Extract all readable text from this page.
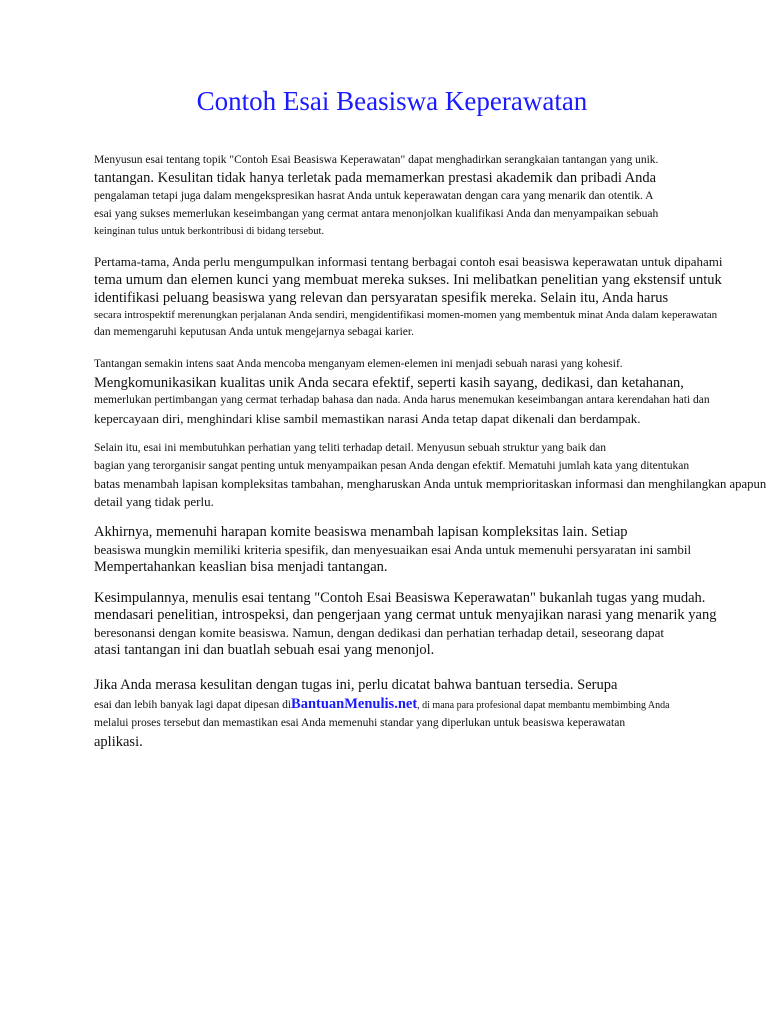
Contoh Esai Beasiswa Keperawatan
Menyusun esai tentang topik "Contoh Esai Beasiswa Keperawatan" dapat menghadirkan serangkaian tantangan yang unik.
tantangan. Kesulitan tidak hanya terletak pada memamerkan prestasi akademik dan pribadi Anda
pengalaman tetapi juga dalam mengekspresikan hasrat Anda untuk keperawatan dengan cara yang menarik dan otentik. A
esai yang sukses memerlukan keseimbangan yang cermat antara menonjolkan kualifikasi Anda dan menyampaikan sebuah
keinginan tulus untuk berkontribusi di bidang tersebut.
Pertama-tama, Anda perlu mengumpulkan informasi tentang berbagai contoh esai beasiswa keperawatan untuk dipahami
tema umum dan elemen kunci yang membuat mereka sukses. Ini melibatkan penelitian yang ekstensif untuk
identifikasi peluang beasiswa yang relevan dan persyaratan spesifik mereka. Selain itu, Anda harus
secara introspektif merenungkan perjalanan Anda sendiri, mengidentifikasi momen-momen yang membentuk minat Anda dalam keperawatan
dan memengaruhi keputusan Anda untuk mengejarnya sebagai karier.
Tantangan semakin intens saat Anda mencoba menganyam elemen-elemen ini menjadi sebuah narasi yang kohesif.
Mengkomunikasikan kualitas unik Anda secara efektif, seperti kasih sayang, dedikasi, dan ketahanan,
memerlukan pertimbangan yang cermat terhadap bahasa dan nada. Anda harus menemukan keseimbangan antara kerendahan hati dan
kepercayaan diri, menghindari klise sambil memastikan narasi Anda tetap dapat dikenali dan berdampak.
Selain itu, esai ini membutuhkan perhatian yang teliti terhadap detail. Menyusun sebuah struktur yang baik dan
bagian yang terorganisir sangat penting untuk menyampaikan pesan Anda dengan efektif. Mematuhi jumlah kata yang ditentukan
batas menambah lapisan kompleksitas tambahan, mengharuskan Anda untuk memprioritaskan informasi dan menghilangkan apapun
detail yang tidak perlu.
Akhirnya, memenuhi harapan komite beasiswa menambah lapisan kompleksitas lain. Setiap
beasiswa mungkin memiliki kriteria spesifik, dan menyesuaikan esai Anda untuk memenuhi persyaratan ini sambil
Mempertahankan keaslian bisa menjadi tantangan.
Kesimpulannya, menulis esai tentang "Contoh Esai Beasiswa Keperawatan" bukanlah tugas yang mudah.
mendasari penelitian, introspeksi, dan pengerjaan yang cermat untuk menyajikan narasi yang menarik yang
beresonansi dengan komite beasiswa. Namun, dengan dedikasi dan perhatian terhadap detail, seseorang dapat
atasi tantangan ini dan buatlah sebuah esai yang menonjol.
Jika Anda merasa kesulitan dengan tugas ini, perlu dicatat bahwa bantuan tersedia. Serupa
esai dan lebih banyak lagi dapat dipesan diBantuanMenulis.net, di mana para profesional dapat membantu membimbing Anda
melalui proses tersebut dan memastikan esai Anda memenuhi standar yang diperlukan untuk beasiswa keperawatan
aplikasi.
